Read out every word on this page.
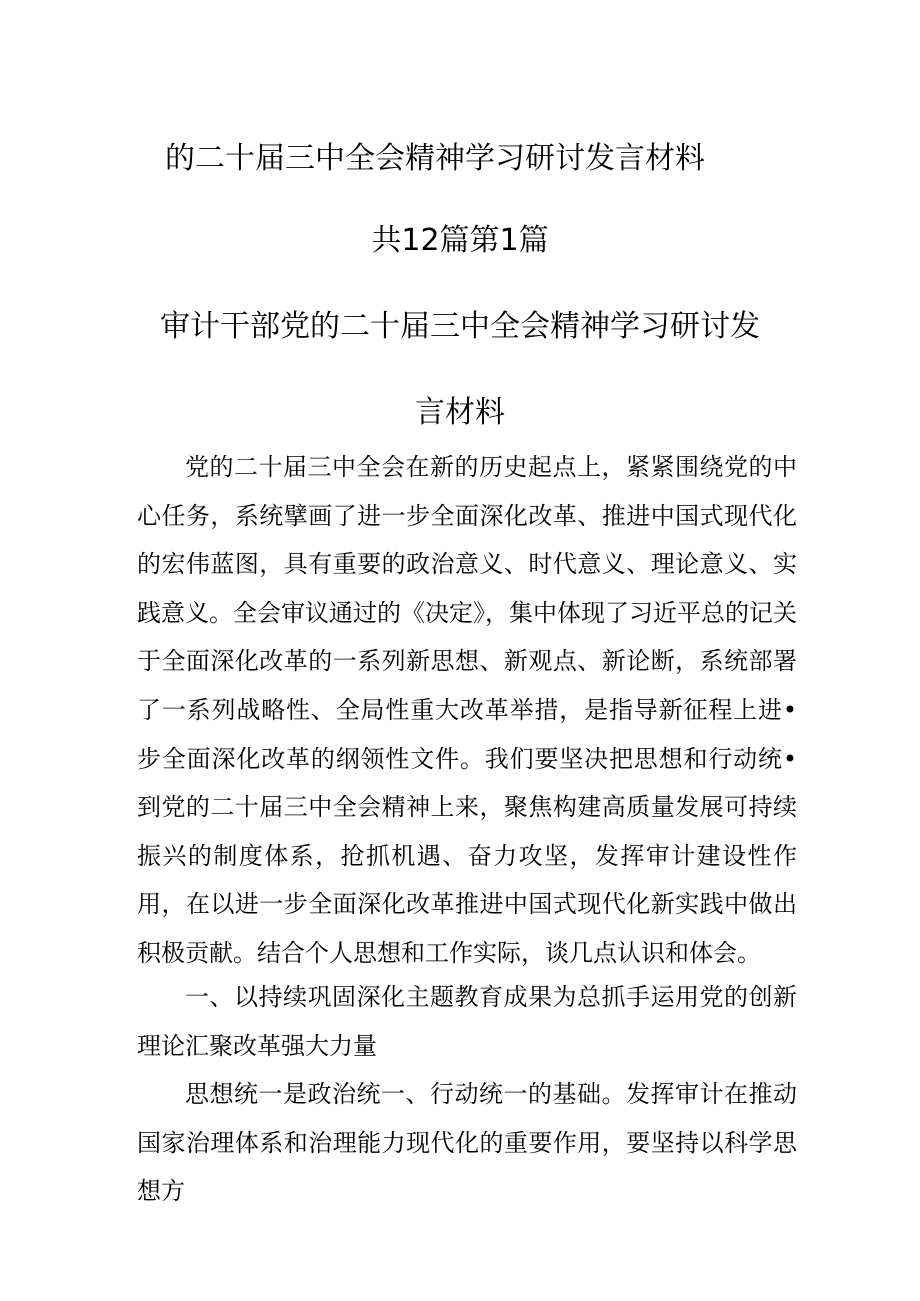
的二十届三中全会精神学习研讨发言材料
共12篇第1篇
审计干部党的二十届三中全会精神学习研讨发
言材料

党的二十届三中全会在新的历史起点上，紧紧围绕党的中心任务，系统擘画了进一步全面深化改革、推进中国式现代化的宏伟蓝图，具有重要的政治意义、时代意义、理论意义、实践意义。全会审议通过的《决定》，集中体现了习近平总的记关于全面深化改革的一系列新思想、新观点、新论断，系统部署了一系列战略性、全局性重大改革举措，是指导新征程上进•步全面深化改革的纲领性文件。我们要坚决把思想和行动统•到党的二十届三中全会精神上来，聚焦构建高质量发展可持续振兴的制度体系，抢抓机遇、奋力攻坚，发挥审计建设性作用，在以进一步全面深化改革推进中国式现代化新实践中做出积极贡献。结合个人思想和工作实际，谈几点认识和体会。

一、以持续巩固深化主题教育成果为总抓手运用党的创新理论汇聚改革强大力量

思想统一是政治统一、行动统一的基础。发挥审计在推动国家治理体系和治理能力现代化的重要作用，要坚持以科学思想方
